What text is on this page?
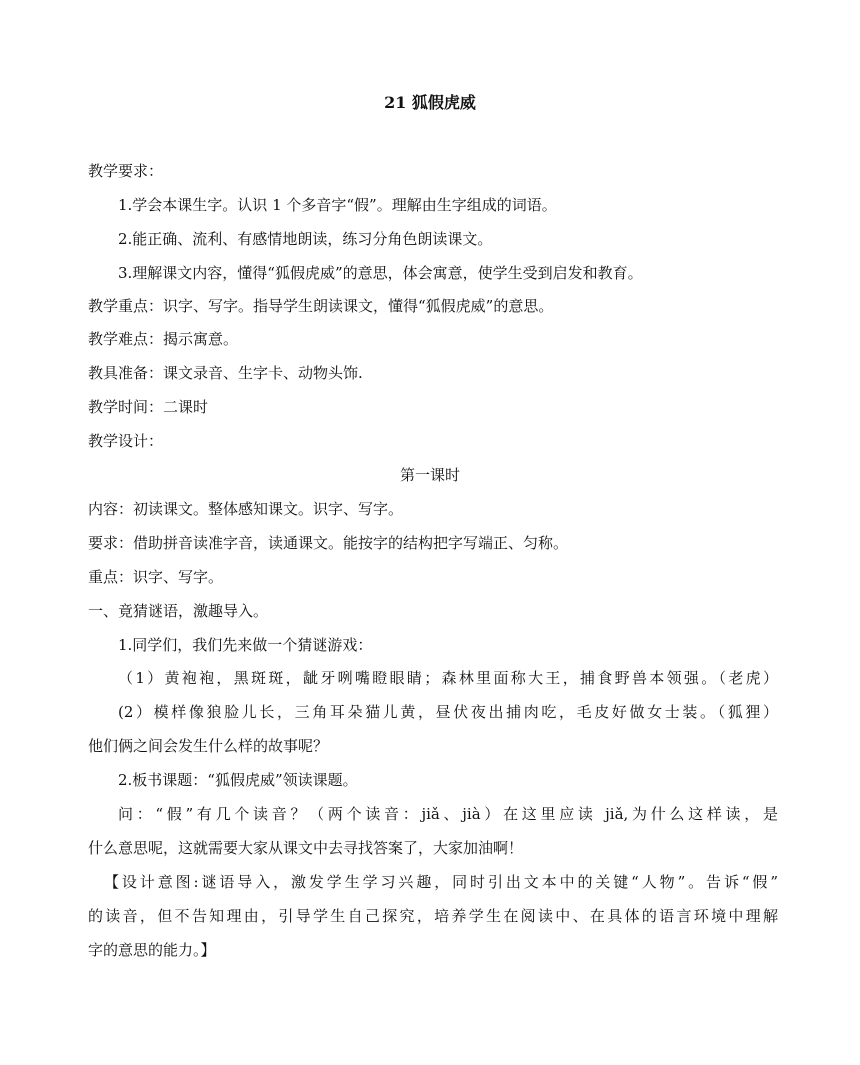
21 狐假虎威
教学要求：
1.学会本课生字。认识 1 个多音字“假”。理解由生字组成的词语。
2.能正确、流利、有感情地朗读，练习分角色朗读课文。
3.理解课文内容，懂得“狐假虎威”的意思，体会寓意，使学生受到启发和教育。
教学重点：识字、写字。指导学生朗读课文，懂得“狐假虎威”的意思。
教学难点：揭示寓意。
教具准备：课文录音、生字卡、动物头饰.
教学时间：二课时
教学设计：
第一课时
内容：初读课文。整体感知课文。识字、写字。
要求：借助拼音读准字音，读通课文。能按字的结构把字写端正、匀称。
重点：识字、写字。
一、竟猜谜语，激趣导入。
1.同学们，我们先来做一个猜谜游戏：
（1）黄袍袍，黑斑斑，龇牙咧嘴瞪眼睛；森林里面称大王，捕食野兽本领强。（老虎）
(2）模样像狼脸儿长，三角耳朵猫儿黄，昼伏夜出捕肉吃，毛皮好做女士装。（狐狸）
他们俩之间会发生什么样的故事呢？
2.板书课题：“狐假虎威”领读课题。
问：“假”有几个读音？（两个读音：jiǎ、jià）在这里应读 jiǎ,为什么这样读，是
什么意思呢，这就需要大家从课文中去寻找答案了，大家加油啊！
【设计意图:谜语导入，激发学生学习兴趣，同时引出文本中的关键“人物”。告诉“假”
的读音，但不告知理由，引导学生自己探究，培养学生在阅读中、在具体的语言环境中理解
字的意思的能力。】
